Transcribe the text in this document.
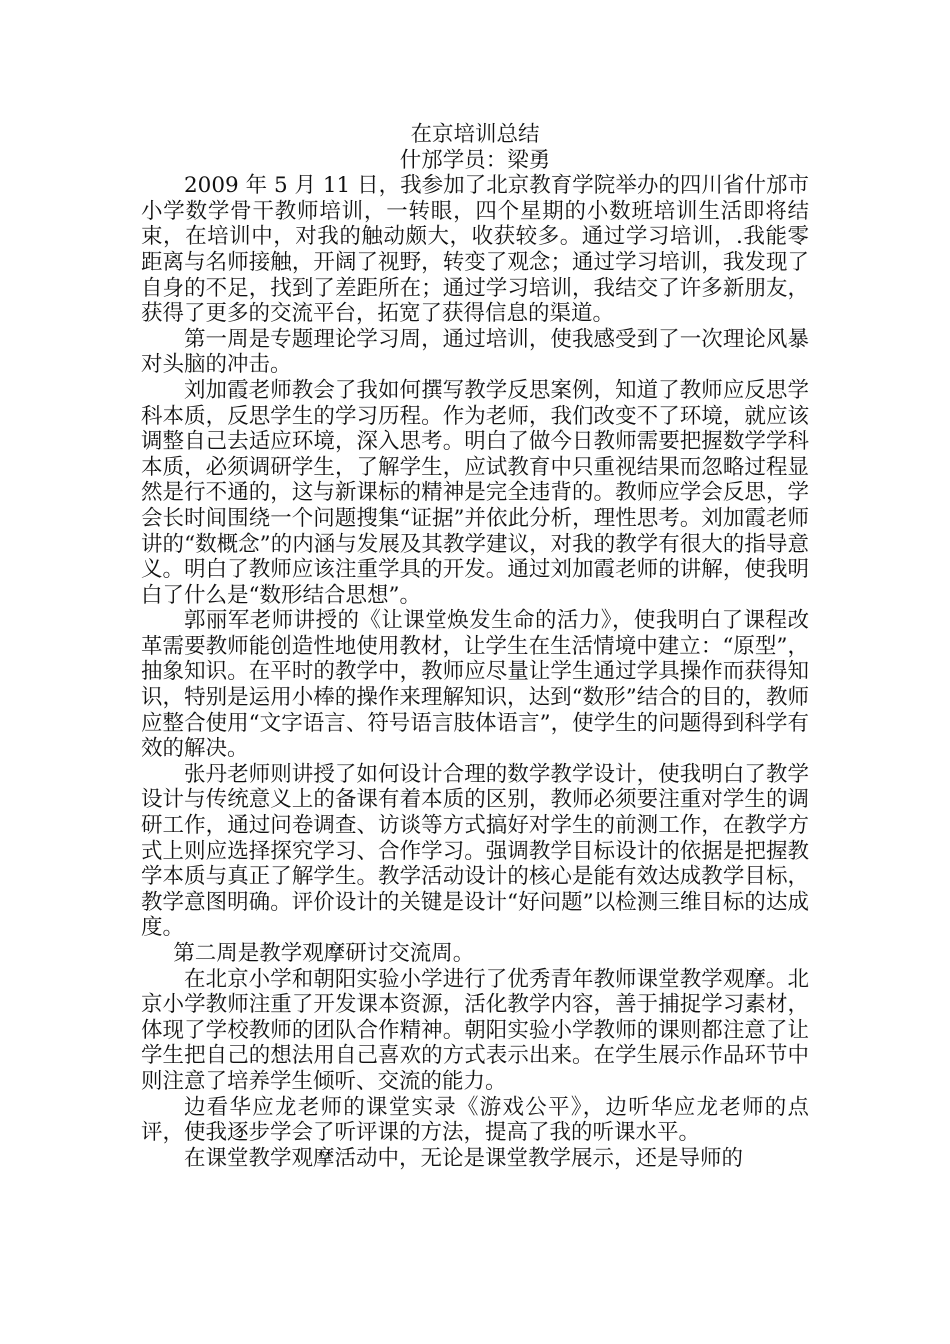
在京培训总结

什邡学员：梁勇

2009 年 5 月 11 日，我参加了北京教育学院举办的四川省什邡市小学数学骨干教师培训，一转眼，四个星期的小数班培训生活即将结束，在培训中，对我的触动颇大，收获较多。通过学习培训，.我能零距离与名师接触，开阔了视野，转变了观念；通过学习培训，我发现了自身的不足，找到了差距所在；通过学习培训，我结交了许多新朋友，获得了更多的交流平台，拓宽了获得信息的渠道。

第一周是专题理论学习周，通过培训，使我感受到了一次理论风暴对头脑的冲击。

刘加霞老师教会了我如何撰写教学反思案例，知道了教师应反思学科本质，反思学生的学习历程。作为老师，我们改变不了环境，就应该调整自己去适应环境，深入思考。明白了做今日教师需要把握数学学科本质，必须调研学生，了解学生，应试教育中只重视结果而忽略过程显然是行不通的，这与新课标的精神是完全违背的。教师应学会反思，学会长时间围绕一个问题搜集“证据”并依此分析，理性思考。刘加霞老师讲的“数概念”的内涵与发展及其教学建议，对我的教学有很大的指导意义。明白了教师应该注重学具的开发。通过刘加霞老师的讲解，使我明白了什么是“数形结合思想”。

郭丽军老师讲授的《让课堂焕发生命的活力》，使我明白了课程改革需要教师能创造性地使用教材，让学生在生活情境中建立：“原型”，抽象知识。在平时的教学中，教师应尽量让学生通过学具操作而获得知识，特别是运用小棒的操作来理解知识，达到“数形”结合的目的，教师应整合使用“文字语言、符号语言肢体语言”，使学生的问题得到科学有效的解决。

张丹老师则讲授了如何设计合理的数学教学设计，使我明白了教学设计与传统意义上的备课有着本质的区别，教师必须要注重对学生的调研工作，通过问卷调查、访谈等方式搞好对学生的前测工作，在教学方式上则应选择探究学习、合作学习。强调教学目标设计的依据是把握教学本质与真正了解学生。教学活动设计的核心是能有效达成教学目标，教学意图明确。评价设计的关键是设计“好问题”以检测三维目标的达成度。

第二周是教学观摩研讨交流周。

在北京小学和朝阳实验小学进行了优秀青年教师课堂教学观摩。北京小学教师注重了开发课本资源，活化教学内容，善于捕捉学习素材，体现了学校教师的团队合作精神。朝阳实验小学教师的课则都注意了让学生把自己的想法用自己喜欢的方式表示出来。在学生展示作品环节中则注意了培养学生倾听、交流的能力。

边看华应龙老师的课堂实录《游戏公平》，边听华应龙老师的点评，使我逐步学会了听评课的方法，提高了我的听课水平。

在课堂教学观摩活动中，无论是课堂教学展示，还是导师的
